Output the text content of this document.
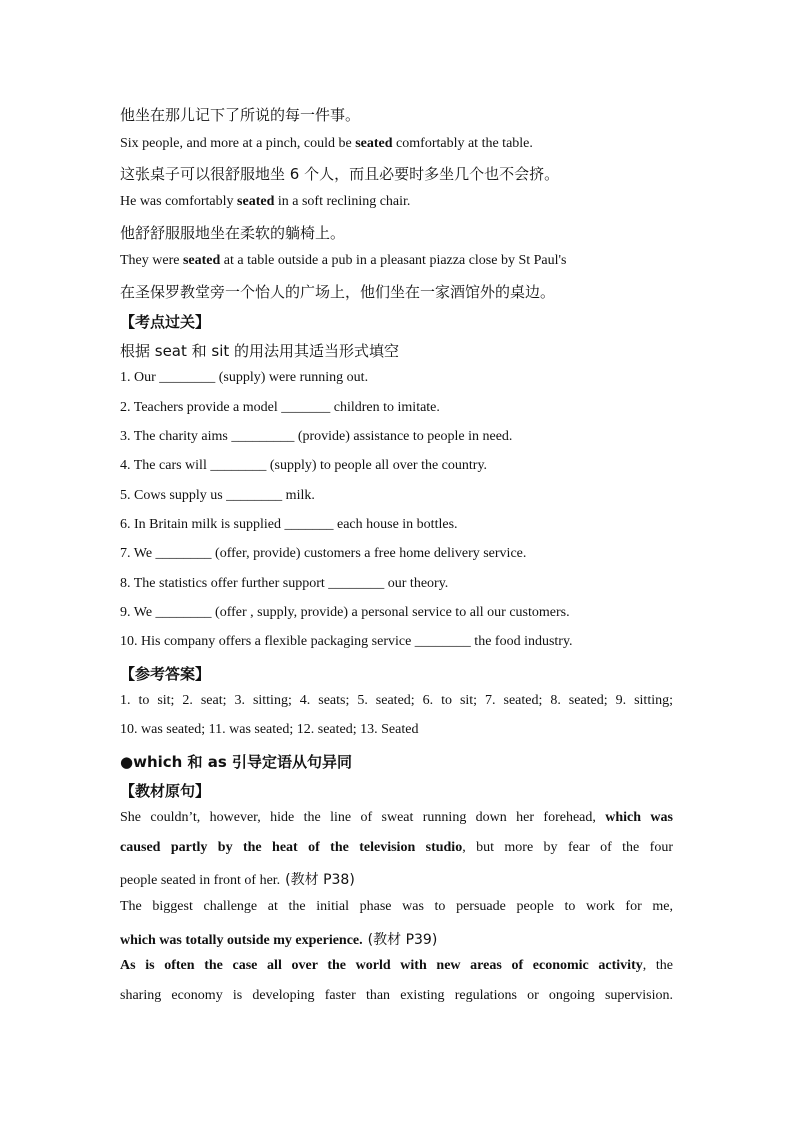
他坐在那儿记下了所说的每一件事。
Six people, and more at a pinch, could be seated comfortably at the table.
这张桌子可以很舒服地坐 6 个人，而且必要时多坐几个也不会挤。
He was comfortably seated in a soft reclining chair.
他舒舒服服地坐在柔软的躺椅上。
They were seated at a table outside a pub in a pleasant piazza close by St Paul's
在圣保罗教堂旁一个怡人的广场上，他们坐在一家酒馆外的桌边。
【考点过关】
根据 seat 和 sit 的用法用其适当形式填空
1. Our ________ (supply) were running out.
2. Teachers provide a model _______ children to imitate.
3. The charity aims _________ (provide) assistance to people in need.
4. The cars will ________ (supply) to people all over the country.
5. Cows supply us ________ milk.
6. In Britain milk is supplied _______ each house in bottles.
7. We ________ (offer, provide) customers a free home delivery service.
8. The statistics offer further support ________ our theory.
9. We ________ (offer , supply, provide) a personal service to all our customers.
10. His company offers a flexible packaging service ________ the food industry.
【参考答案】
1. to sit; 2. seat; 3. sitting; 4. seats; 5. seated; 6. to sit; 7. seated; 8. seated; 9. sitting;
10. was seated; 11. was seated; 12. seated; 13. Seated
●which 和 as 引导定语从句异同
【教材原句】
She couldn’t, however, hide the line of sweat running down her forehead, which was
caused partly by the heat of the television studio, but more by fear of the four
people seated in front of her. (教材 P38)
The biggest challenge at the initial phase was to persuade people to work for me,
which was totally outside my experience. (教材 P39)
As is often the case all over the world with new areas of economic activity, the
sharing economy is developing faster than existing regulations or ongoing supervision.
